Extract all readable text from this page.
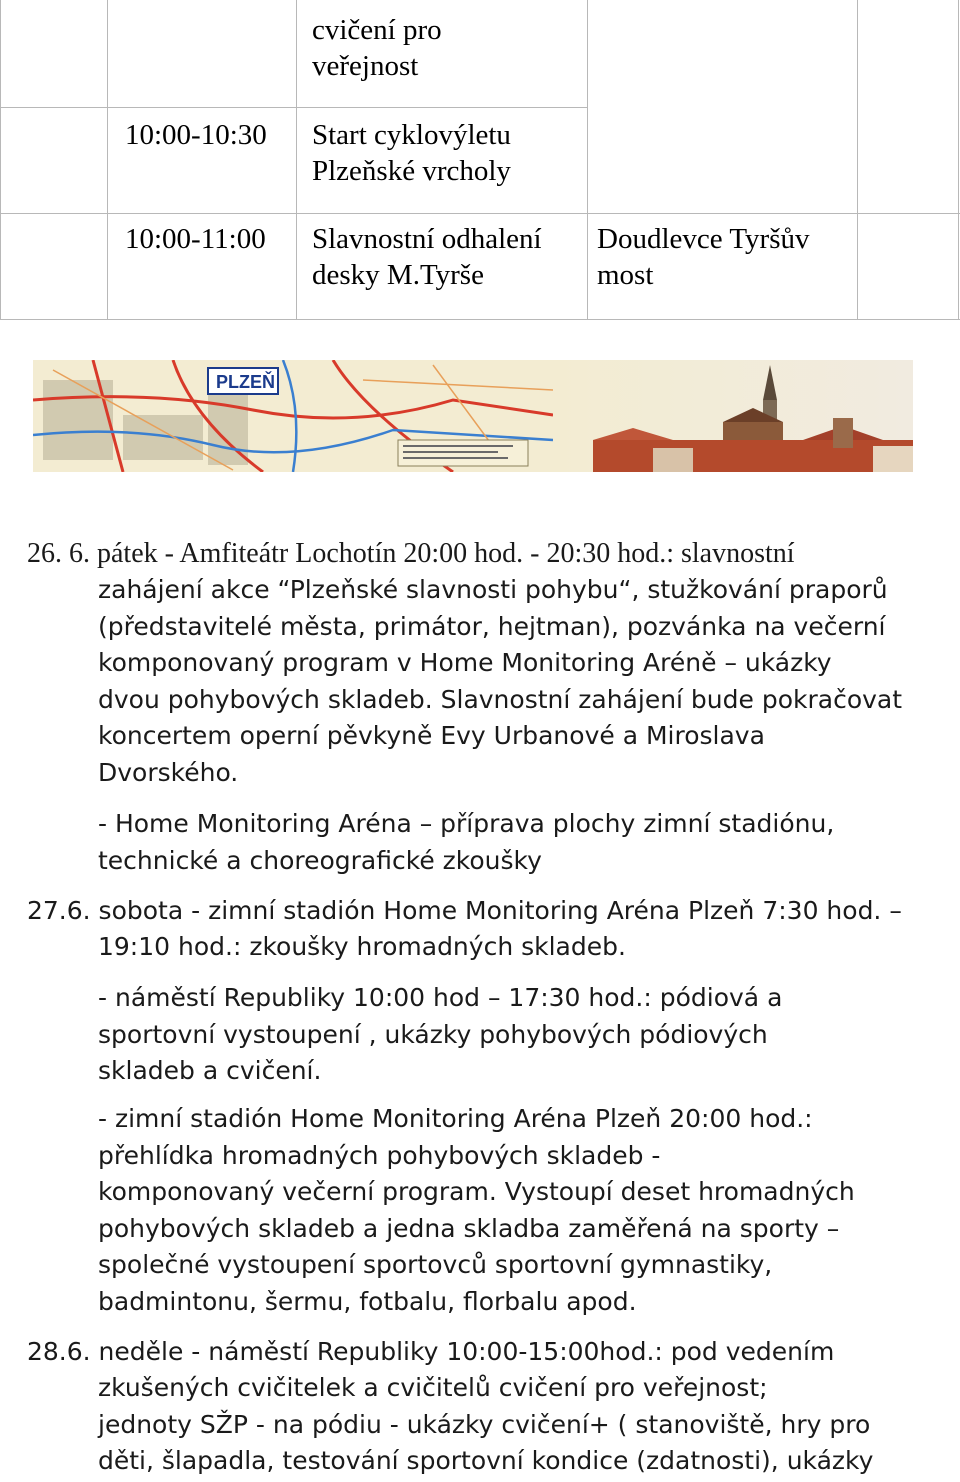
cvičení pro
veřejnost
10:00-10:30 Start cyklovýletu
Plzeňské vrcholy
10:00-11:00 Slavnostní odhalení
desky M.Tyrše
Doudlevce Tyršův
most
PLZEŇ
26. 6. pátek - Amfiteátr Lochotín 20:00 hod. - 20:30 hod.: slavnostní
zahájení akce “Plzeňské slavnosti pohybu“, stužkování praporů
(představitelé města, primátor, hejtman), pozvánka na večerní
komponovaný program v Home Monitoring Aréně – ukázky
dvou pohybových skladeb. Slavnostní zahájení bude pokračovat
koncertem operní pěvkyně Evy Urbanové a Miroslava
Dvorského.
- Home Monitoring Aréna – příprava plochy zimní stadiónu,
technické a choreografické zkoušky
27.6. sobota - zimní stadión Home Monitoring Aréna Plzeň 7:30 hod. –
19:10 hod.: zkoušky hromadných skladeb.
- náměstí Republiky 10:00 hod – 17:30 hod.: pódiová a
sportovní vystoupení , ukázky pohybových pódiových
skladeb a cvičení.
- zimní stadión Home Monitoring Aréna Plzeň 20:00 hod.:
přehlídka hromadných pohybových skladeb -
komponovaný večerní program. Vystoupí deset hromadných
pohybových skladeb a jedna skladba zaměřená na sporty –
společné vystoupení sportovců sportovní gymnastiky,
badmintonu, šermu, fotbalu, florbalu apod.
28.6. neděle - náměstí Republiky 10:00-15:00hod.: pod vedením
zkušených cvičitelek a cvičitelů cvičení pro veřejnost;
jednoty SŽP - na pódiu - ukázky cvičení+ ( stanoviště, hry pro
děti, šlapadla, testování sportovní kondice (zdatnosti), ukázky
